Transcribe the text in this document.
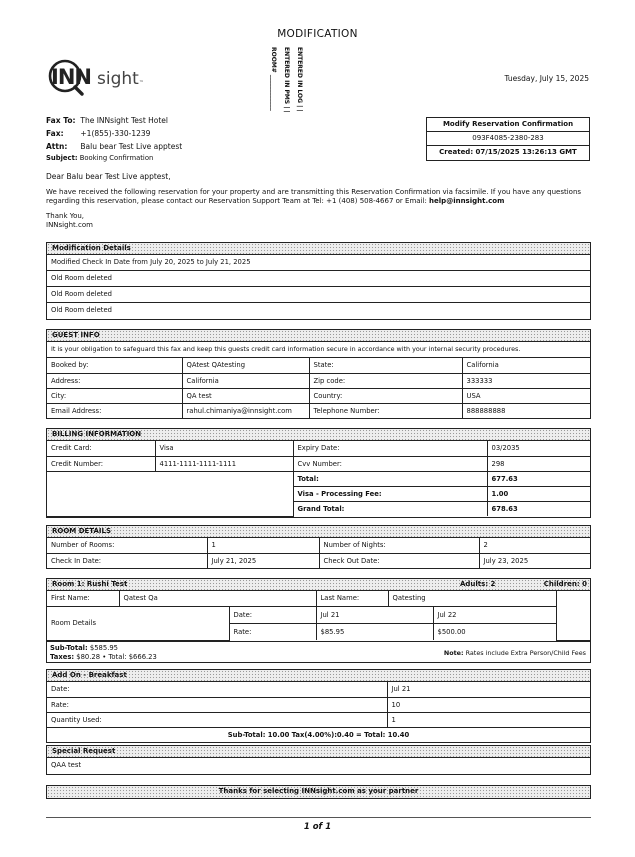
MODIFICATION
INN sight ™	ENTERED IN LOG | |
ENTERED IN PMS | |
ROOM# ____________	Tuesday, July 15, 2025
Fax To: The INNsight Test Hotel
Fax: +1(855)-330-1239
Attn: Balu bear Test Live apptest
Subject: Booking Confirmation
Modify Reservation Confirmation
093F4085-2380-283
Created: 07/15/2025 13:26:13 GMT

Dear Balu bear Test Live apptest,

We have received the following reservation for your property and are transmitting this Reservation Confirmation via facsimile. If you have any questions regarding this reservation, please contact our Reservation Support Team at Tel: +1 (408) 508-4667 or Email: help@innsight.com

Thank You,
INNsight.com
Modification Details
Modified Check In Date from July 20, 2025 to July 21, 2025
Old Room deleted
Old Room deleted
Old Room deleted
GUEST INFO
It is your obligation to safeguard this fax and keep this guests credit card information secure in accordance with your internal security procedures.
Booked by:	QAtest QAtesting	State:	California
Address:	California	Zip code:	333333
City:	QA test	Country:	USA
Email Address:	rahul.chimaniya@innsight.com	Telephone Number:	888888888
BILLING INFORMATION
Credit Card:	Visa	Expiry Date:	03/2035
Credit Number:	4111-1111-1111-1111	Cvv Number:	298
		Total:	677.63
		Visa - Processing Fee:	1.00
		Grand Total:	678.63
ROOM DETAILS
Number of Rooms:	1	Number of Nights:	2
Check In Date:	July 21, 2025	Check Out Date:	July 23, 2025
Room 1: Rushi Test	Adults: 2	Children: 0
First Name:	Qatest Qa		Last Name:	Qatesting		
Room Details		Date:	Jul 21		Jul 22	
		Rate:	$85.95		$500.00	
Sub-Total: $585.95
Taxes: $80.28 • Total: $666.23	Note: Rates include Extra Person/Child Fees
Add On - Breakfast
Date:	Jul 21
Rate:	10
Quantity Used:	1
Sub-Total: 10.00 Tax(4.00%):0.40 = Total: 10.40	
Special Request
QAA test
Thanks for selecting INNsight.com as your partner
1 of 1
